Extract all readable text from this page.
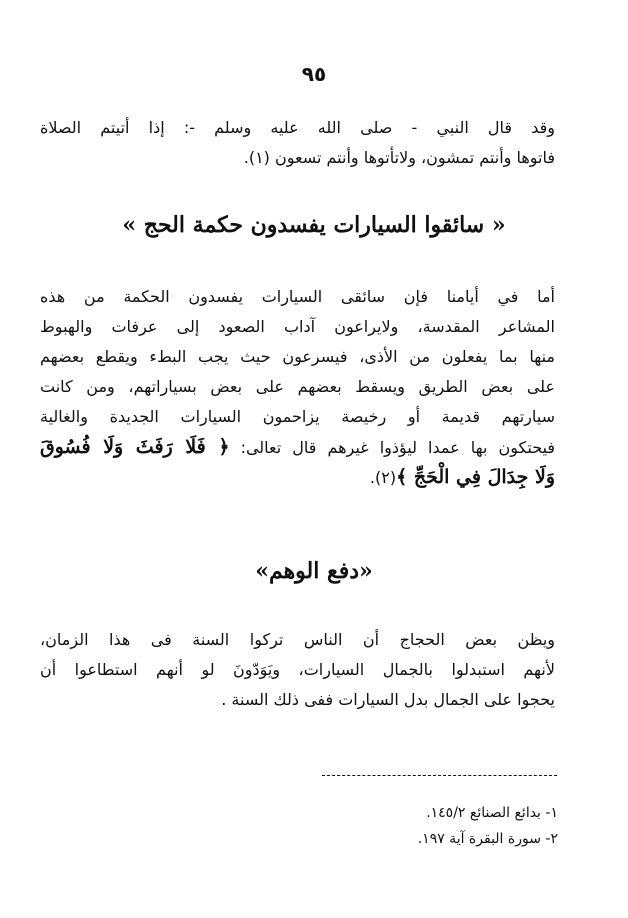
٩٥
وقد قال النبي - صلى الله عليه وسلم -: إذا أتيتم الصلاة
فاتوها وأنتم تمشون، ولاتأتوها وأنتم تسعون (١).
« سائقوا السيارات يفسدون حكمة الحج »
أما في أيامنا فإن سائقى السيارات يفسدون الحكمة من هذه
المشاعر المقدسة، ولايراعون آداب الصعود إلى عرفات والهبوط
منها بما يفعلون من الأذى، فيسرعون حيث يجب البطء ويقطع بعضهم
على بعض الطريق ويسقط بعضهم على بعض بسياراتهم، ومن كانت
سيارتهم قديمة أو رخيصة يزاحمون السيارات الجديدة والغالية
فيحتكون بها عمدا ليؤذوا غيرهم قال تعالى: ﴿ فَلَا رَفَثَ وَلَا فُسُوقَ
وَلَا جِدَالَ فِي الْحَجِّ ﴾(٢).
«دفع الوهم»
ويظن بعض الحجاج أن الناس تركوا السنة فى هذا الزمان،
لأنهم استبدلوا بالجمال السيارات، ويَوَدّونَ لو أنهم استطاعوا أن
يحجوا على الجمال بدل السيارات ففى ذلك السنة .
١- بدائع الصنائع ١٤٥/٢.
٢- سورة البقرة آية ١٩٧.
